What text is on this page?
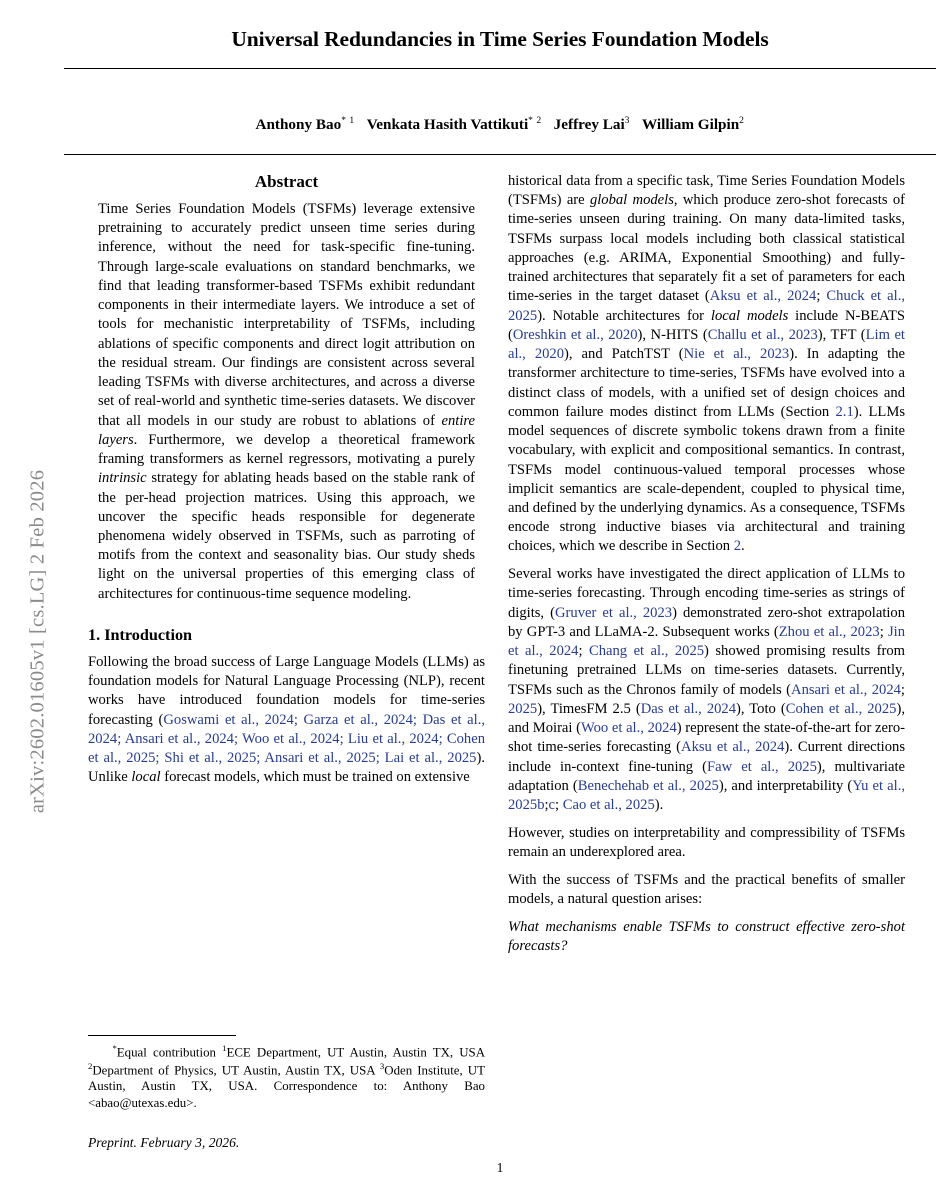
arXiv:2602.01605v1 [cs.LG] 2 Feb 2026
Universal Redundancies in Time Series Foundation Models
Anthony Bao$^{* 1}$ Venkata Hasith Vattikuti$^{* 2}$ Jeffrey Lai$^3$ William Gilpin$^2$
Abstract
Time Series Foundation Models (TSFMs) leverage extensive pretraining to accurately predict unseen time series during inference, without the need for task-specific fine-tuning. Through large-scale evaluations on standard benchmarks, we find that leading transformer-based TSFMs exhibit redundant components in their intermediate layers. We introduce a set of tools for mechanistic interpretability of TSFMs, including ablations of specific components and direct logit attribution on the residual stream. Our findings are consistent across several leading TSFMs with diverse architectures, and across a diverse set of real-world and synthetic time-series datasets. We discover that all models in our study are robust to ablations of entire layers. Furthermore, we develop a theoretical framework framing transformers as kernel regressors, motivating a purely intrinsic strategy for ablating heads based on the stable rank of the per-head projection matrices. Using this approach, we uncover the specific heads responsible for degenerate phenomena widely observed in TSFMs, such as parroting of motifs from the context and seasonality bias. Our study sheds light on the universal properties of this emerging class of architectures for continuous-time sequence modeling.
1. Introduction

Following the broad success of Large Language Models (LLMs) as foundation models for Natural Language Processing (NLP), recent works have introduced foundation models for time-series forecasting (Goswami et al., 2024; Garza et al., 2024; Das et al., 2024; Ansari et al., 2024; Woo et al., 2024; Liu et al., 2024; Cohen et al., 2025; Shi et al., 2025; Ansari et al., 2025; Lai et al., 2025). Unlike local forecast models, which must be trained on extensive

historical data from a specific task, Time Series Foundation Models (TSFMs) are global models, which produce zero-shot forecasts of time-series unseen during training. On many data-limited tasks, TSFMs surpass local models including both classical statistical approaches (e.g. ARIMA, Exponential Smoothing) and fully-trained architectures that separately fit a set of parameters for each time-series in the target dataset (Aksu et al., 2024; Chuck et al., 2025). Notable architectures for local models include N-BEATS (Oreshkin et al., 2020), N-HITS (Challu et al., 2023), TFT (Lim et al., 2020), and PatchTST (Nie et al., 2023). In adapting the transformer architecture to time-series, TSFMs have evolved into a distinct class of models, with a unified set of design choices and common failure modes distinct from LLMs (Section 2.1). LLMs model sequences of discrete symbolic tokens drawn from a finite vocabulary, with explicit and compositional semantics. In contrast, TSFMs model continuous-valued temporal processes whose implicit semantics are scale-dependent, coupled to physical time, and defined by the underlying dynamics. As a consequence, TSFMs encode strong inductive biases via architectural and training choices, which we describe in Section 2.

Several works have investigated the direct application of LLMs to time-series forecasting. Through encoding time-series as strings of digits, (Gruver et al., 2023) demonstrated zero-shot extrapolation by GPT-3 and LLaMA-2. Subsequent works (Zhou et al., 2023; Jin et al., 2024; Chang et al., 2025) showed promising results from finetuning pretrained LLMs on time-series datasets. Currently, TSFMs such as the Chronos family of models (Ansari et al., 2024; 2025), TimesFM 2.5 (Das et al., 2024), Toto (Cohen et al., 2025), and Moirai (Woo et al., 2024) represent the state-of-the-art for zero-shot time-series forecasting (Aksu et al., 2024). Current directions include in-context fine-tuning (Faw et al., 2025), multivariate adaptation (Benechehab et al., 2025), and interpretability (Yu et al., 2025b;c; Cao et al., 2025).

However, studies on interpretability and compressibility of TSFMs remain an underexplored area.

With the success of TSFMs and the practical benefits of smaller models, a natural question arises:

What mechanisms enable TSFMs to construct effective zero-shot forecasts?

*Equal contribution $^1$ECE Department, UT Austin, Austin TX, USA $^2$Department of Physics, UT Austin, Austin TX, USA $^3$Oden Institute, UT Austin, Austin TX, USA. Correspondence to: Anthony Bao <abao@utexas.edu>.

Preprint. February 3, 2026.
1
